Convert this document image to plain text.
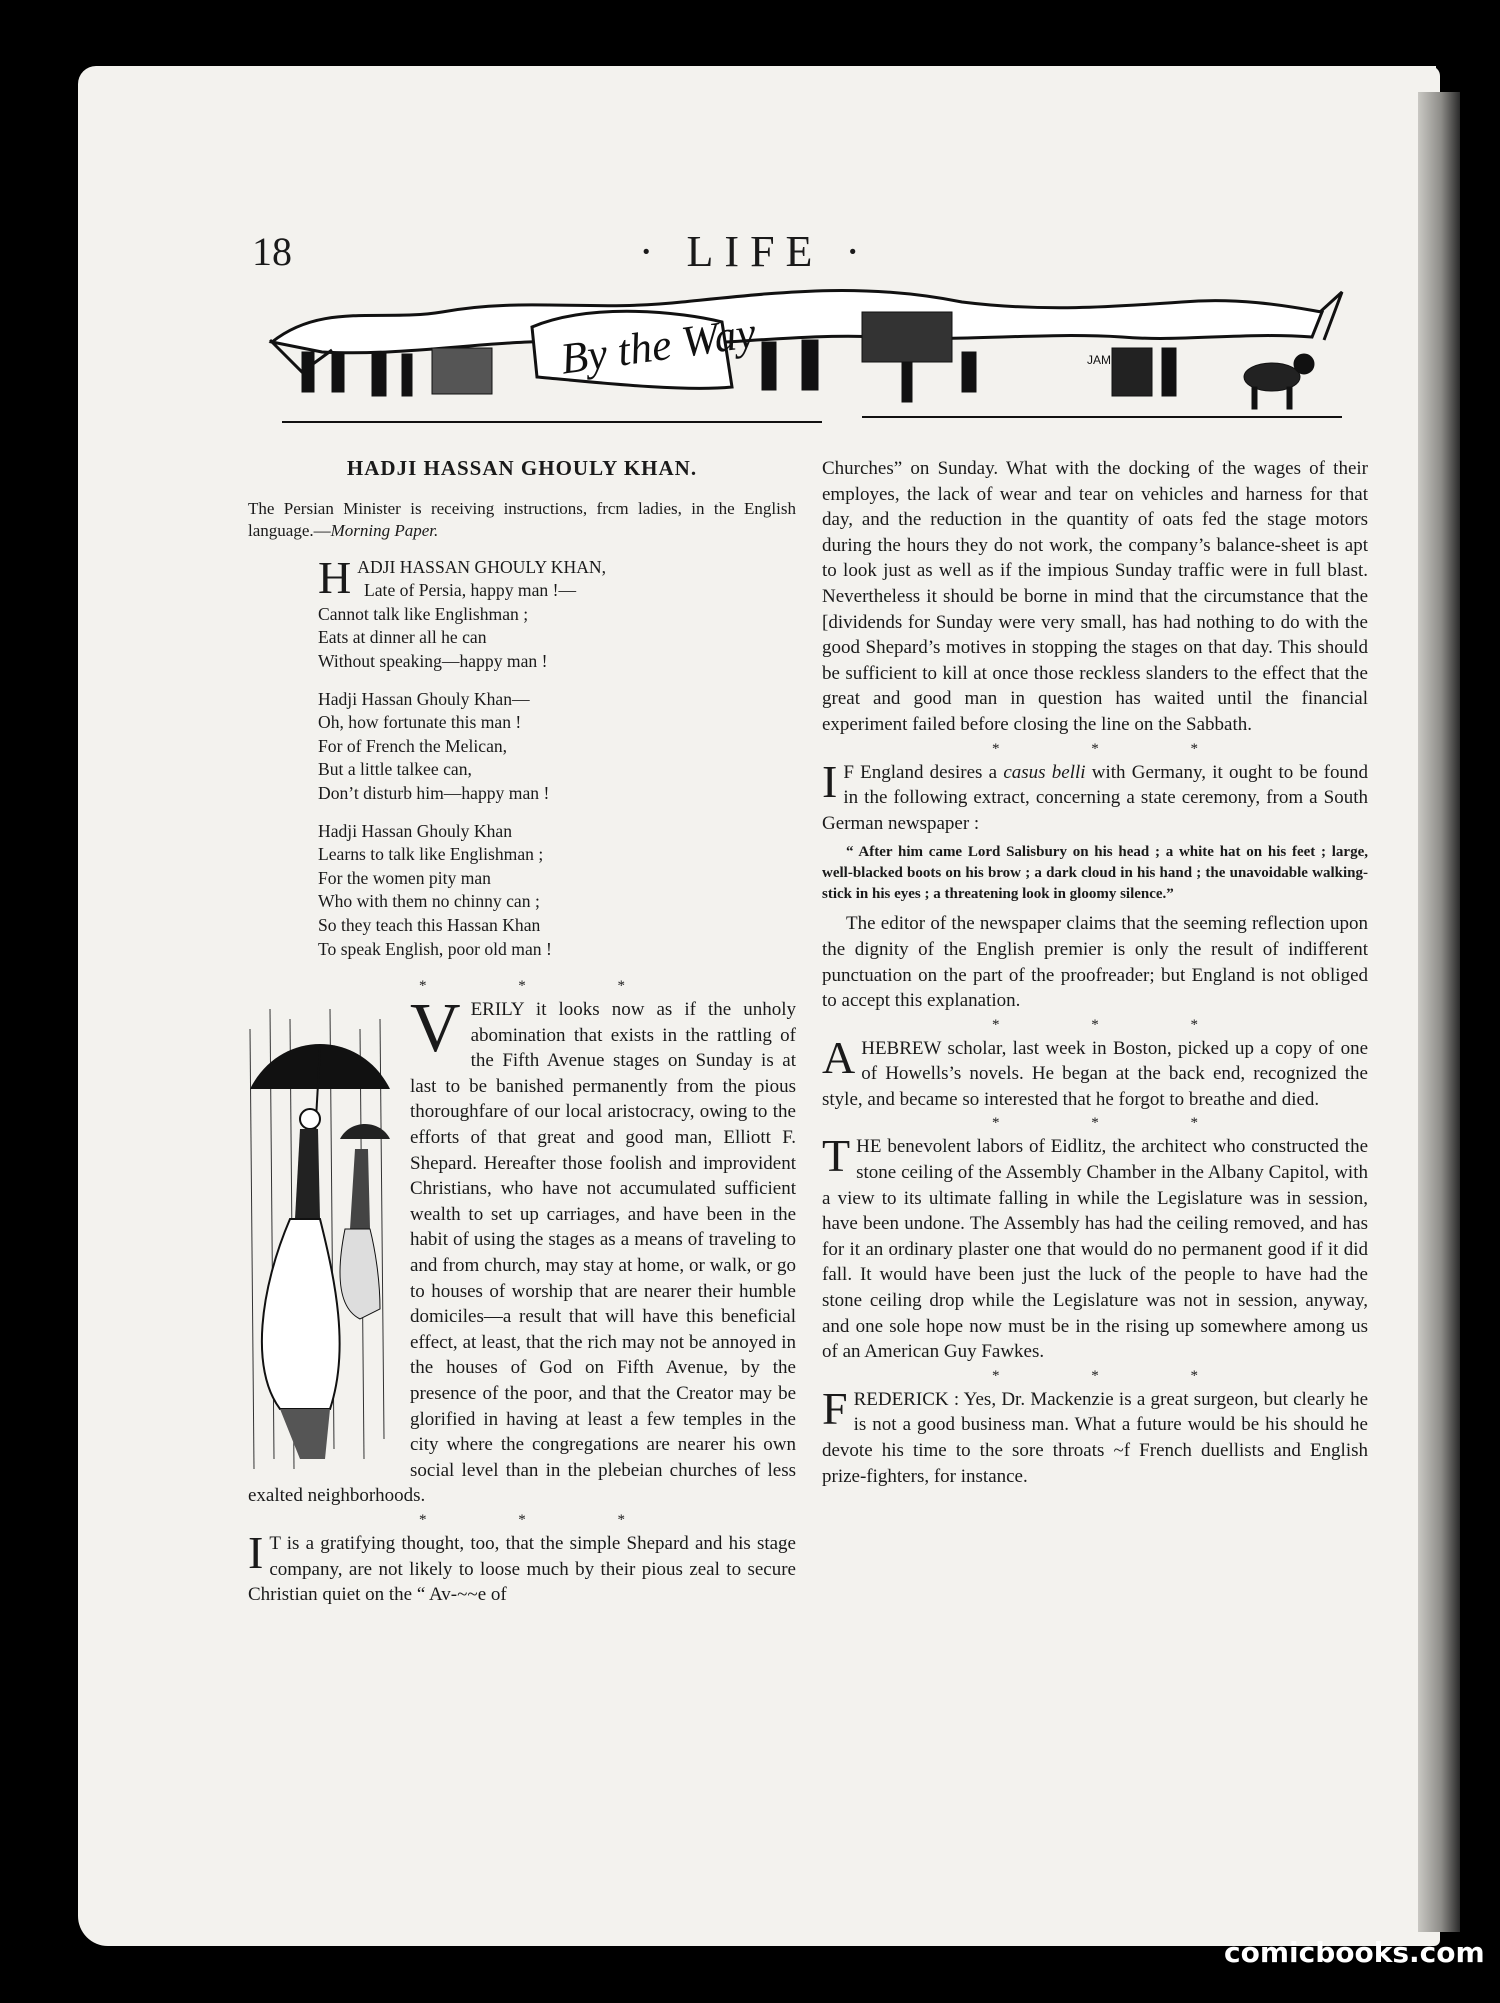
18	· LIFE ·
By the Way	JAM

HADJI HASSAN GHOULY KHAN.

The Persian Minister is receiving instructions, frcm ladies, in the English language.—Morning Paper.

H ADJI HASSAN GHOULY KHAN,
Late of Persia, happy man !—
Cannot talk like Englishman ;
Eats at dinner all he can
Without speaking—happy man !
Hadji Hassan Ghouly Khan—
Oh, how fortunate this man !
For of French the Melican,
But a little talkee can,
Don’t disturb him—happy man !
Hadji Hassan Ghouly Khan
Learns to talk like Englishman ;
For the women pity man
Who with them no chinny can ;
So they teach this Hassan Khan
To speak English, poor old man !

* * *

VERILY it looks now as if the unholy abomination that exists in the rattling of the Fifth Avenue stages on Sunday is at last to be banished permanently from the pious thoroughfare of our local aristocracy, owing to the efforts of that great and good man, Elliott F. Shepard. Hereafter those foolish and improvident Christians, who have not accumulated sufficient wealth to set up carriages, and have been in the habit of using the stages as a means of traveling to and from church, may stay at home, or walk, or go to houses of worship that are nearer their humble domiciles—a result that will have this beneficial effect, at least, that the rich may not be annoyed in the houses of God on Fifth Avenue, by the presence of the poor, and that the Creator may be glorified in having at least a few temples in the city where the congregations are nearer his own social level than in the plebeian churches of less exalted neighborhoods.

* * *

I T is a gratifying thought, too, that the simple Shepard and his stage company, are not likely to loose much by their pious zeal to secure Christian quiet on the “ Av-~~e of

Churches” on Sunday. What with the docking of the wages of their employes, the lack of wear and tear on vehicles and harness for that day, and the reduction in the quantity of oats fed the stage motors during the hours they do not work, the company’s balance-sheet is apt to look just as well as if the impious Sunday traffic were in full blast. Nevertheless it should be borne in mind that the circumstance that the [dividends for Sunday were very small, has had nothing to do with the good Shepard’s motives in stopping the stages on that day. This should be sufficient to kill at once those reckless slanders to the effect that the great and good man in question has waited until the financial experiment failed before closing the line on the Sabbath.

* * *

I F England desires a casus belli with Germany, it ought to be found in the following extract, concerning a state ceremony, from a South German newspaper :

“ After him came Lord Salisbury on his head ; a white hat on his feet ; large, well-blacked boots on his brow ; a dark cloud in his hand ; the unavoidable walking-stick in his eyes ; a threatening look in gloomy silence.”

The editor of the newspaper claims that the seeming reflection upon the dignity of the English premier is only the result of indifferent punctuation on the part of the proofreader; but England is not obliged to accept this explanation.

* * *

AHEBREW scholar, last week in Boston, picked up a copy of one of Howells’s novels. He began at the back end, recognized the style, and became so interested that he forgot to breathe and died.

* * *

THE benevolent labors of Eidlitz, the architect who constructed the stone ceiling of the Assembly Chamber in the Albany Capitol, with a view to its ultimate falling in while the Legislature was in session, have been undone. The Assembly has had the ceiling removed, and has for it an ordinary plaster one that would do no permanent good if it did fall. It would have been just the luck of the people to have had the stone ceiling drop while the Legislature was not in session, anyway, and one sole hope now must be in the rising up somewhere among us of an American Guy Fawkes.

* * *

FREDERICK : Yes, Dr. Mackenzie is a great surgeon, but clearly he is not a good business man. What a future would be his should he devote his time to the sore throats ~f French duellists and English prize-fighters, for instance.

comicbooks.com
